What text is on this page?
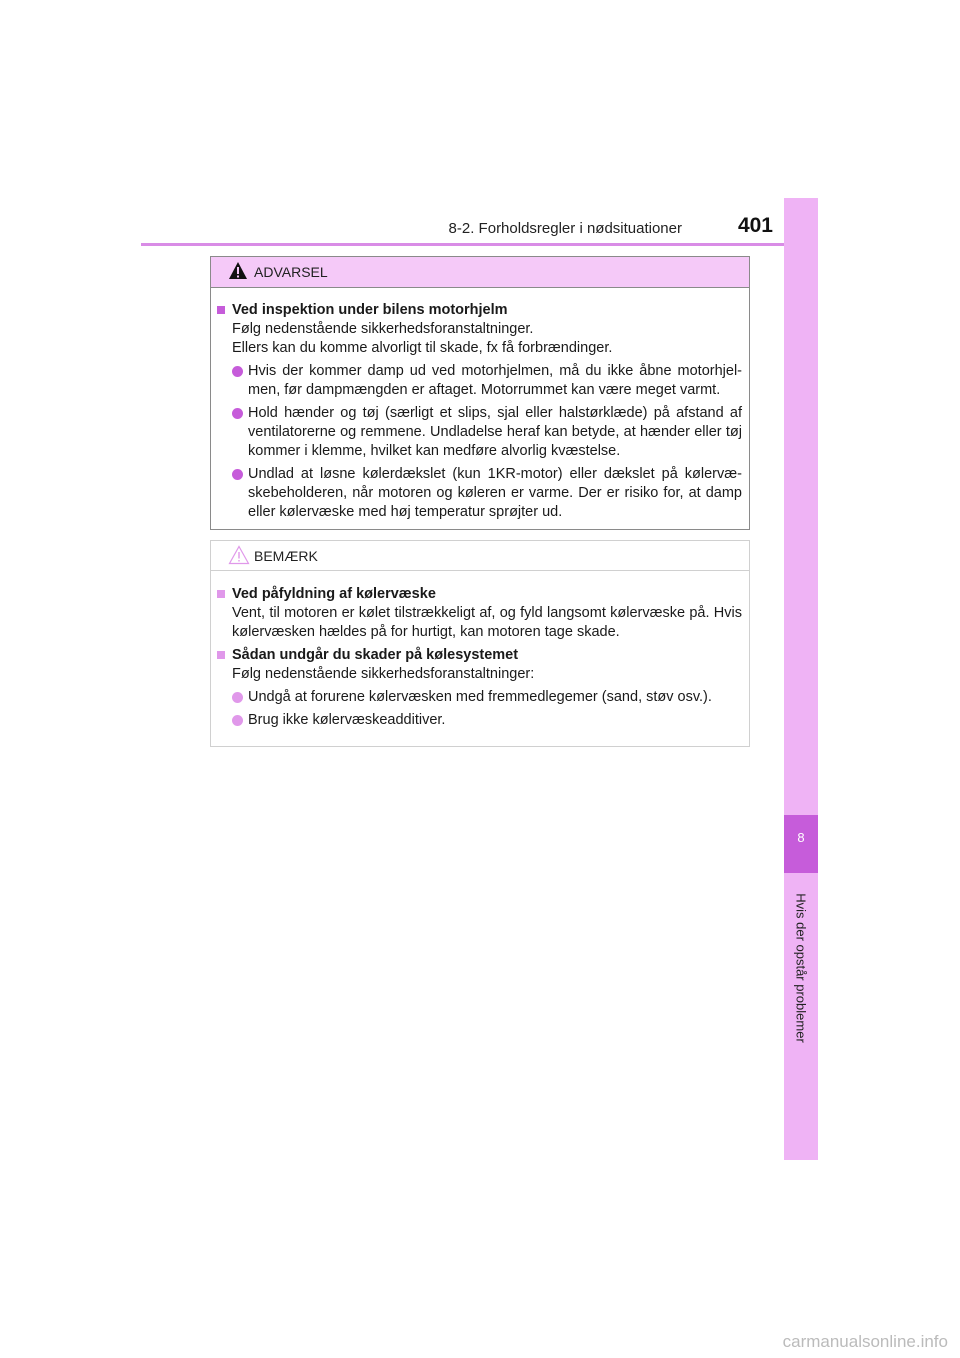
8-2. Forholdsregler i nødsituationer	401
8
Hvis der opstår problemer
ADVARSEL
Ved inspektion under bilens motorhjelm
Følg nedenstående sikkerhedsforanstaltninger.
Ellers kan du komme alvorligt til skade, fx få forbrændinger.
Hvis der kommer damp ud ved motorhjelmen, må du ikke åbne motorhjel-men, før dampmængden er aftaget. Motorrummet kan være meget varmt.
Hold hænder og tøj (særligt et slips, sjal eller halstørklæde) på afstand af ventilatorerne og remmene. Undladelse heraf kan betyde, at hænder eller tøj kommer i klemme, hvilket kan medføre alvorlig kvæstelse.
Undlad at løsne kølerdækslet (kun 1KR-motor) eller dækslet på kølervæ-skebeholderen, når motoren og køleren er varme. Der er risiko for, at damp eller kølervæske med høj temperatur sprøjter ud.
BEMÆRK
Ved påfyldning af kølervæske
Vent, til motoren er kølet tilstrækkeligt af, og fyld langsomt kølervæske på. Hvis kølervæsken hældes på for hurtigt, kan motoren tage skade.
Sådan undgår du skader på kølesystemet
Følg nedenstående sikkerhedsforanstaltninger:
Undgå at forurene kølervæsken med fremmedlegemer (sand, støv osv.).
Brug ikke kølervæskeadditiver.
carmanualsonline.info
